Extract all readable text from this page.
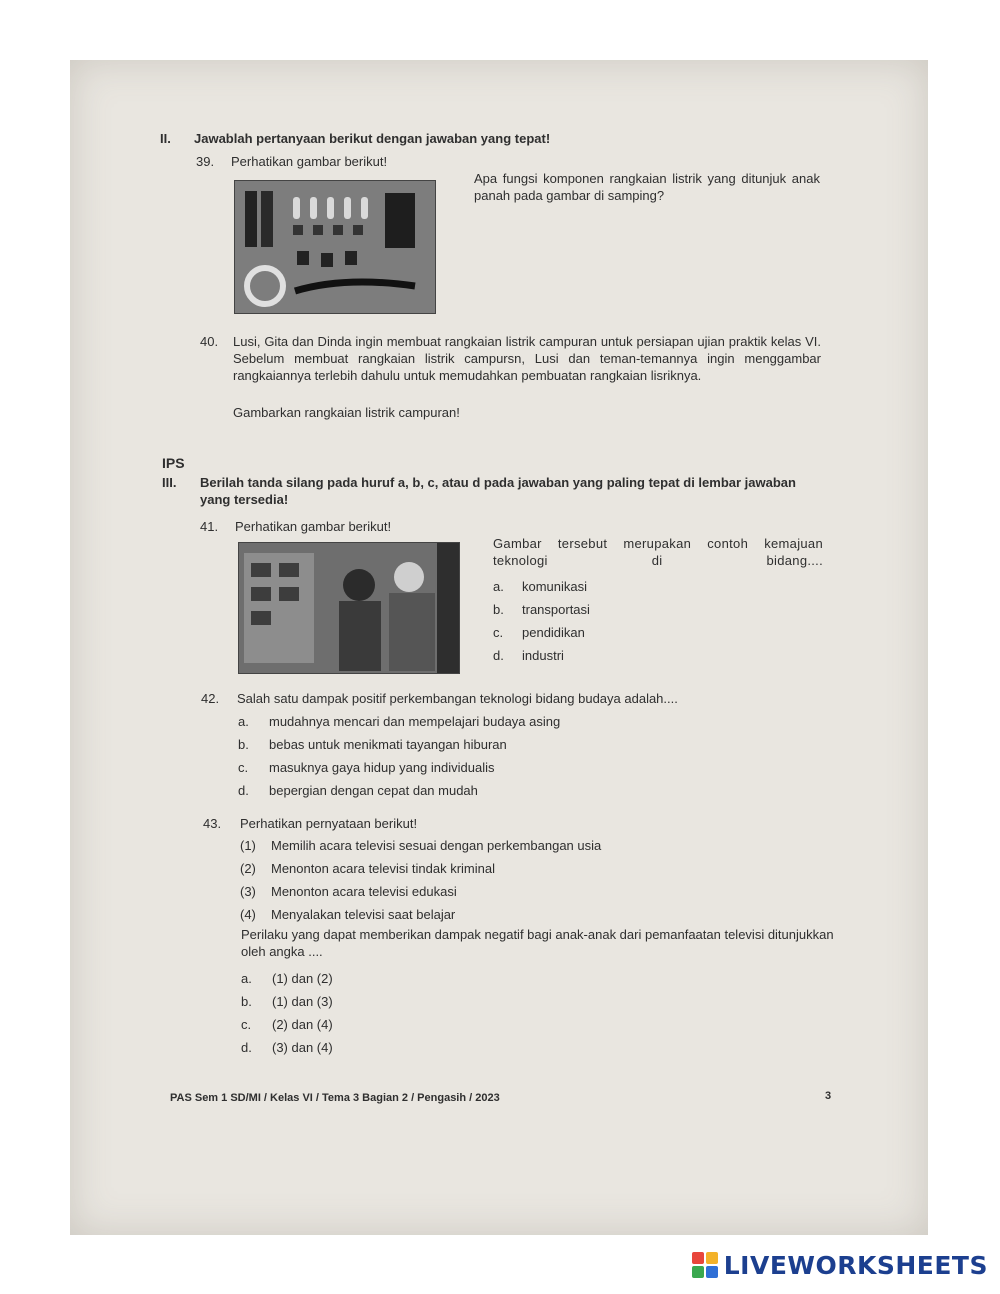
II. Jawablah pertanyaan berikut dengan jawaban yang tepat!
39. Perhatikan gambar berikut!
Apa fungsi komponen rangkaian listrik yang ditunjuk anak panah pada gambar di samping?
40. Lusi, Gita dan Dinda ingin membuat rangkaian listrik campuran untuk persiapan ujian praktik kelas VI. Sebelum membuat rangkaian listrik campursn, Lusi dan teman-temannya ingin menggambar rangkaiannya terlebih dahulu untuk memudahkan pembuatan rangkaian lisriknya.
Gambarkan rangkaian listrik campuran!
IPS
III. Berilah tanda silang pada huruf a, b, c, atau d pada jawaban yang paling tepat di lembar jawaban yang tersedia!
41. Perhatikan gambar berikut!
Gambar tersebut merupakan contoh kemajuan teknologi di bidang....
a. komunikasi
b. transportasi
c. pendidikan
d. industri
42. Salah satu dampak positif perkembangan teknologi bidang budaya adalah....
a. mudahnya mencari dan mempelajari budaya asing
b. bebas untuk menikmati tayangan hiburan
c. masuknya gaya hidup yang individualis
d. bepergian dengan cepat dan mudah
43. Perhatikan pernyataan berikut!
(1) Memilih acara televisi sesuai dengan perkembangan usia
(2) Menonton acara televisi tindak kriminal
(3) Menonton acara televisi edukasi
(4) Menyalakan televisi saat belajar
Perilaku yang dapat memberikan dampak negatif bagi anak-anak dari pemanfaatan televisi ditunjukkan oleh angka ....
a. (1) dan (2)
b. (1) dan (3)
c. (2) dan (4)
d. (3) dan (4)
PAS Sem 1 SD/MI / Kelas VI / Tema 3 Bagian 2 / Pengasih / 2023	3
LIVEWORKSHEETS
